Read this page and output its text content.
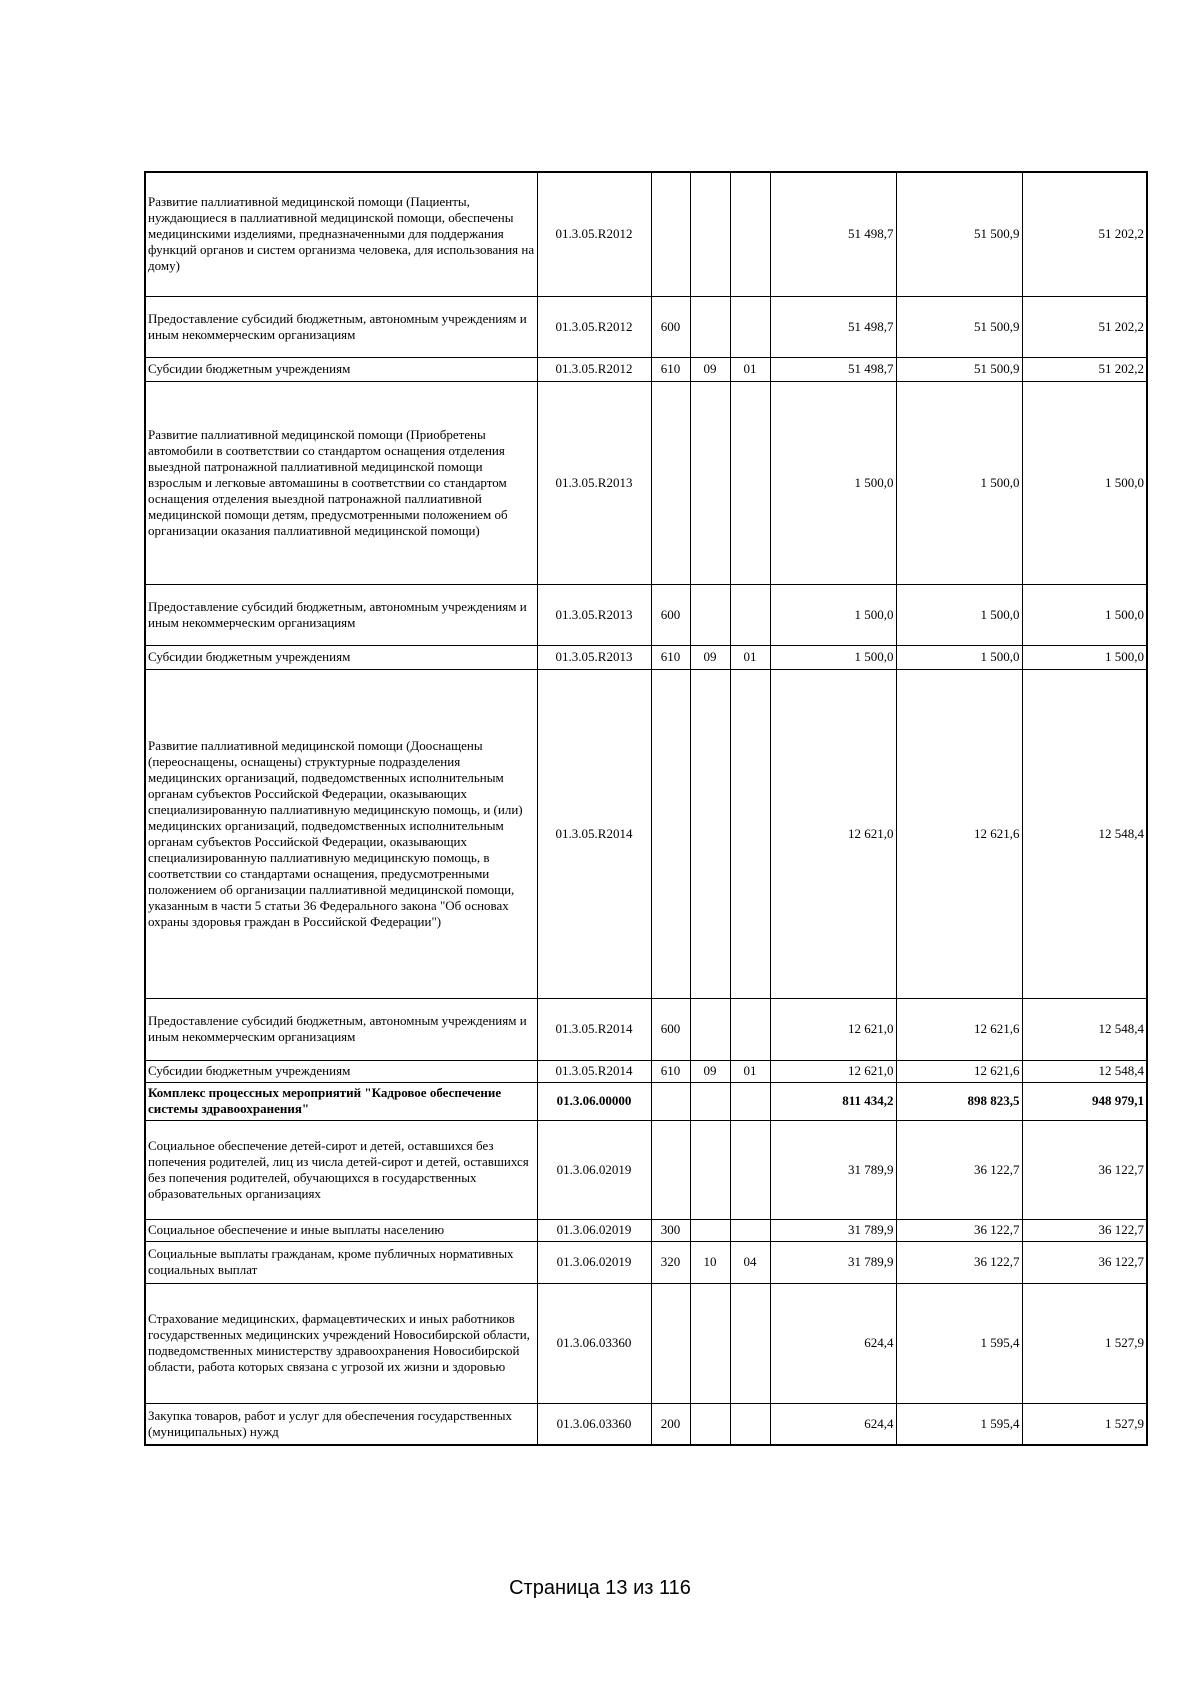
Развитие паллиативной медицинской помощи (Пациенты, нуждающиеся в паллиативной медицинской помощи, обеспечены медицинскими изделиями, предназначенными для поддержания функций органов и систем организма человека, для использования на дому)	01.3.05.R2012				51 498,7	51 500,9	51 202,2
Предоставление субсидий бюджетным, автономным учреждениям и иным некоммерческим организациям	01.3.05.R2012	600			51 498,7	51 500,9	51 202,2
Субсидии бюджетным учреждениям	01.3.05.R2012	610	09	01	51 498,7	51 500,9	51 202,2
Развитие паллиативной медицинской помощи (Приобретены автомобили в соответствии со стандартом оснащения отделения выездной патронажной паллиативной медицинской помощи взрослым и легковые автомашины в соответствии со стандартом оснащения отделения выездной патронажной паллиативной медицинской помощи детям, предусмотренными положением об организации оказания паллиативной медицинской помощи)	01.3.05.R2013				1 500,0	1 500,0	1 500,0
Предоставление субсидий бюджетным, автономным учреждениям и иным некоммерческим организациям	01.3.05.R2013	600			1 500,0	1 500,0	1 500,0
Субсидии бюджетным учреждениям	01.3.05.R2013	610	09	01	1 500,0	1 500,0	1 500,0
Развитие паллиативной медицинской помощи (Дооснащены (переоснащены, оснащены) структурные подразделения медицинских организаций, подведомственных исполнительным органам субъектов Российской Федерации, оказывающих специализированную паллиативную медицинскую помощь, и (или) медицинских организаций, подведомственных исполнительным органам субъектов Российской Федерации, оказывающих специализированную паллиативную медицинскую помощь, в соответствии со стандартами оснащения, предусмотренными положением об организации паллиативной медицинской помощи, указанным в части 5 статьи 36 Федерального закона "Об основах охраны здоровья граждан в Российской Федерации")	01.3.05.R2014				12 621,0	12 621,6	12 548,4
Предоставление субсидий бюджетным, автономным учреждениям и иным некоммерческим организациям	01.3.05.R2014	600			12 621,0	12 621,6	12 548,4
Субсидии бюджетным учреждениям	01.3.05.R2014	610	09	01	12 621,0	12 621,6	12 548,4
Комплекс процессных мероприятий "Кадровое обеспечение системы здравоохранения"	01.3.06.00000				811 434,2	898 823,5	948 979,1
Социальное обеспечение детей-сирот и детей, оставшихся без попечения родителей, лиц из числа детей-сирот и детей, оставшихся без попечения родителей, обучающихся в государственных образовательных организациях	01.3.06.02019				31 789,9	36 122,7	36 122,7
Социальное обеспечение и иные выплаты населению	01.3.06.02019	300			31 789,9	36 122,7	36 122,7
Социальные выплаты гражданам, кроме публичных нормативных социальных выплат	01.3.06.02019	320	10	04	31 789,9	36 122,7	36 122,7
Страхование медицинских, фармацевтических и иных работников государственных медицинских учреждений Новосибирской области, подведомственных министерству здравоохранения Новосибирской области, работа которых связана с угрозой их жизни и здоровью	01.3.06.03360				624,4	1 595,4	1 527,9
Закупка товаров, работ и услуг для обеспечения государственных (муниципальных) нужд	01.3.06.03360	200			624,4	1 595,4	1 527,9
Страница 13 из 116
